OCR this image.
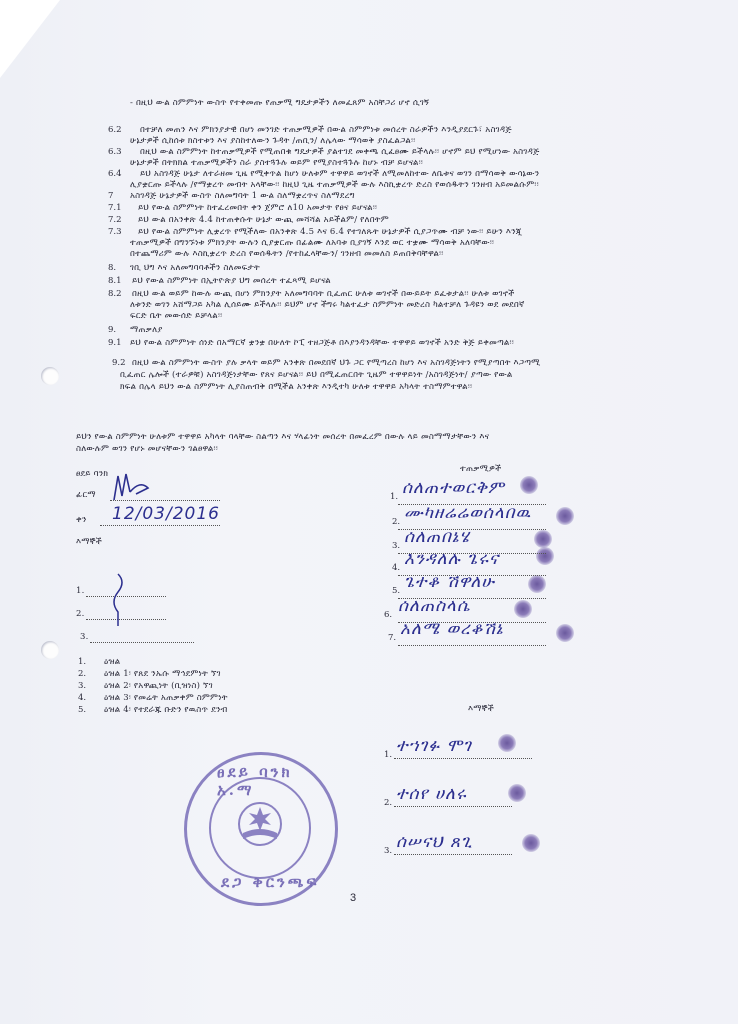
- በዚህ ውል ስምምነት ውስጥ የተቀመጡ የጠቃሚ ግዴታዎችን ለመፈጸም አስቸጋሪ ሆኖ ሲገኝ
6.2 በተቻለ መጠን እና ምክንያታዊ በሆነ መንገድ ተጠቃሚዎች በውል ስምምነቱ መሰረት ስራዎችን እንዲያደርጉ፣ አስገዳጅ
ሁኔታዎች ሲከሰቱ ክስተቱን እና ያስከተለውን ጉዳት /ጠቢን/ ለሌላው ማሳወቅ ያስፈልጋል፡፡
6.3 በዚህ ውል ስምምነት ከተጠቃሚዎች የሚጠበቁ ግዴታዎች ያልተገደ መቀጫ ሲፈፀሙ ይችላሉ፡፡ ሆኖም ይህ የሚሆነው አስገዳጅ
ሁኔታዎች በትክክል ተጠቃሚዎችን ስራ ያስተጓጉሉ ወይም የሚያስተጓጉሉ ከሆኑ ብቻ ይሆናል፡፡
6.4 ይህ አስገዳጅ ሁኔታ ለተራዘመ ጊዜ የሚቀጥል ከሆነ ሁለቱም ተዋዋይ ወገኖች ለሚመለከተው ለቤቱና ወገን በማሳወቅ ውሳኔውን
ሊያቋርጡ ይችላሉ /የማቋረጥ መብት አላቸው፡፡ ከዚህ ጊዜ ተጠቃሚዎች ውሉ እስኪቋረጥ ድረስ የወሰዱትን ገንዘብ አይመልሱም፡፡
7 አስገዳጅ ሁኔታዎች ውስጥ ስለመግባት 1 ውል ስለማቋረጥና ስለማደረግ
7.1 ይህ የውል ስምምነት ከተፈረመበት ቀን ጀምሮ ለ10 አመታት የፀና ይሆናል፡፡
7.2 ይህ ውል በአንቀጽ 4.4 ከተጠቀሱት ሁኔታ ውጪ መሻሻል አይችልም/ የለበትም
7.3 ይህ የውል ስምምነት ሊቋረጥ የሚችለው በአንቀጽ 4.5 እና 6.4 የተገለጹት ሁኔታዎች ሲያጋጥሙ ብቻ ነው፡፡ ይሁን እንጂ
ተጠቃሚዎች በግንኙነቱ ምክንያት ውሉን ሲያቋርጡ በፊልሙ ለአባቱ ቢያገኝ እንደ ወር ተቋሙ ማሳወቅ አለባቸው፡፡
በተጨማሪም ውሉ እስኪቋረጥ ድረስ የወሰዱትን /የተከፈላቸውን/ ገንዘብ መመለስ ይጠበቅባቸዋል፡፡
8. ገቢ ህግ እና አለመግባባቶችን ስለመፍታት
8.1 ይህ የውል ስምምነት በኢትዮጵያ ህግ መሰረት ተፈጻሚ ይሆናል
8.2 በዚህ ውል ወይም ከውሉ ውጪ በሆነ ምክንያት አለመግባባት ቢፈጠር ሁለቱ ወገኖች በውይይት ይፈቱታል፡፡ ሁለቱ ወገኖች
ለቱንድ ወገን አሸማጋይ አካል ሊሰይሙ ይችላሉ፡፡ ይህም ሆኖ ችግሩ ካልተፈታ ስምምነት መድረስ ካልተቻለ ጉዳዩን ወደ መደበኛ
ፍርድ ቤት መውሰድ ይቻላል፡፡
9. ማጠቃለያ
9.1 ይህ የውል ስምምነት ሰነድ በአማርኛ ቋንቋ በሁለት ኮፒ ተዘጋጅቶ በእያንዳንዳቸው ተዋዋይ ወገኖች አንድ ቅጅ ይቀመጣል፡፡
9.2 በዚህ ውል ስምምነት ውስጥ ያሉ ቃላት ወይም አንቀጽ በመደበኛ ህጉ ጋር የሚጣረስ ከሆነ እና አስገዳጅነትን የሚያጣበት እጋጣሚ
ቢፈጠር ሌሎች (ተራዎቹ) አስገዳጅነታቸው የጸና ይሆናል፡፡ ይህ በሚፈጠርበት ጊዜም ተዋዋይነት /አስገዳጅነት/ ያጣው የውል
ክፍል በሌላ ይህን ውል ስምምነት ሊያስጠብቅ በሚችል አንቀጽ እንዲተካ ሁለቱ ተዋዋይ አካላት ተስማምተዋል፡፡
ይህን የውል ስምምነት ሁለቱም ተዋዋይ አካላት ባላቸው ስልጣን እና ሃላፊነት መሰረት በመፈረም በውሉ ላይ መስማማታቸውን እና
ስለውሉም ወገን የሆኑ መሆናቸውን ገልፀዋል፡፡
ፀደይ ባንክ
ፊርማ
ቀን 12/03/2016
እማኞች
1.
2.
3.
ተጠቃሚዎች
1. ሰለጠተወርቅም
2. ሙካዘሬሬወሰላበዉ
3. ሰለጠበኔሄ
4. እንዳለሉ ጌሩና
5. ጌተቆ ሽዋለሁ
6. ሰለጠስላሴ
7. አለሜ ወረቆሽኔ
1. ዕዝል
2. ዕዝል 1፡ የጸደ ንኡሱ ማኅደምነት ኘገ
3. ዕዝል 2፡ የአዋጪነት (ቢዝነስ) ኘገ
4. ዕዝል 3፡ የመሬት አጠቃቀም ስምምነት
5. ዕዝል 4፡ የተደራጁ ቡድን የዉስጥ ደንብ	እማኞች
1. ተኀገፉ ሞገ
2. ተሰየ ሀለሩ
3. ሰሠናህ ጸጊ
ፀደይ ባንክ አ.ማ
ደጋ ቅርንጫፍ
3
